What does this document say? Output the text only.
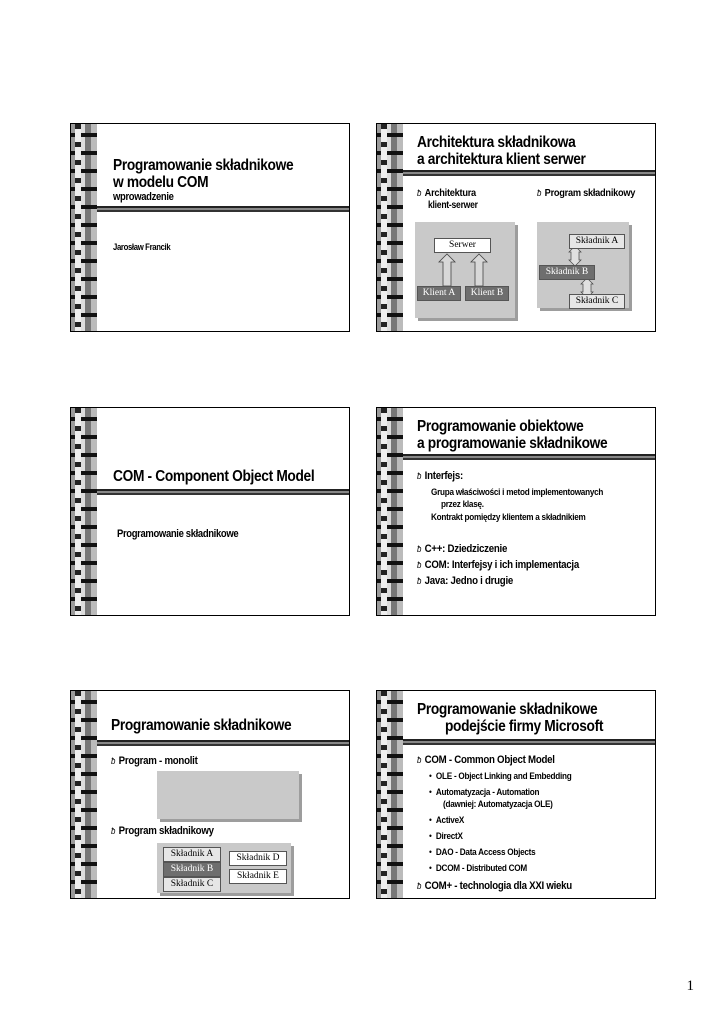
Programowanie składnikowe
w modelu COM
wprowadzenie
Jarosław Francik
Architektura składnikowa
a architektura klient serwer
ƀ Architektura
klient-serwer
ƀ Program składnikowy
Serwer
Klient A	Klient B
Składnik A
Składnik B
Składnik C
COM - Component Object Model
Programowanie składnikowe
Programowanie obiektowe
a programowanie składnikowe
ƀ Interfejs:
Grupa właściwości i metod implementowanych
przez klasę.
Kontrakt pomiędzy klientem a składnikiem
ƀ C++: Dziedziczenie
ƀ COM: Interfejsy i ich implementacja
ƀ Java: Jedno i drugie
Programowanie składnikowe
ƀ Program - monolit
ƀ Program składnikowy
Składnik A
Składnik B
Składnik C
Składnik D
Składnik E
Programowanie składnikowe
podejście firmy Microsoft
ƀ COM - Common Object Model
• OLE - Object Linking and Embedding
• Automatyzacja - Automation
(dawniej: Automatyzacja OLE)
• ActiveX
• DirectX
• DAO - Data Access Objects
• DCOM - Distributed COM
ƀ COM+ - technologia dla XXI wieku
1
